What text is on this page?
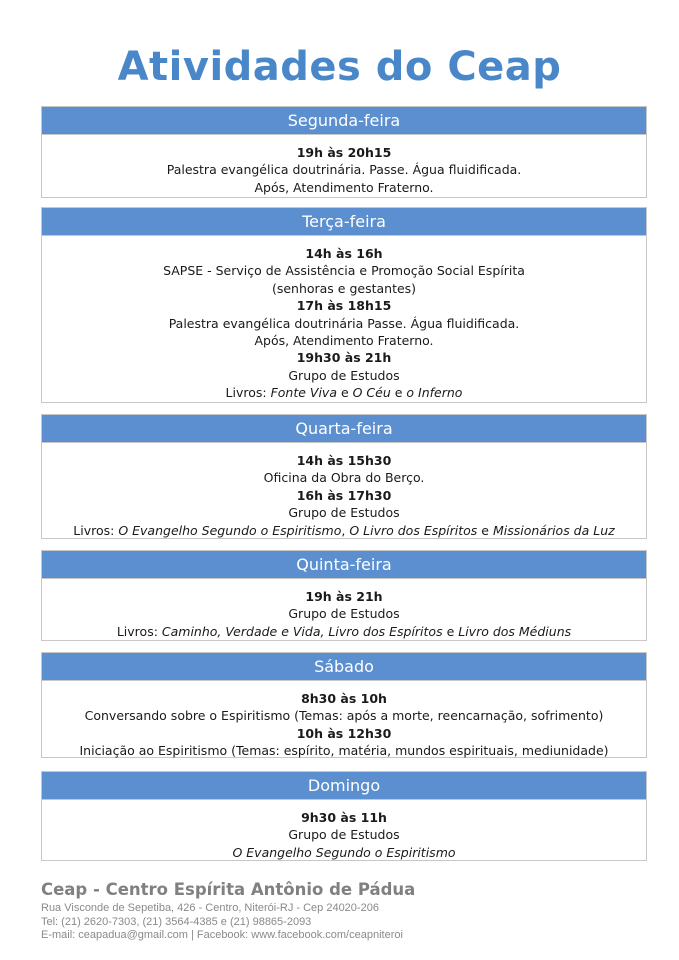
Atividades do Ceap
Segunda-feira
19h às 20h15
Palestra evangélica doutrinária. Passe. Água fluidificada.
Após, Atendimento Fraterno.
Terça-feira
14h às 16h
SAPSE - Serviço de Assistência e Promoção Social Espírita
(senhoras e gestantes)
17h às 18h15
Palestra evangélica doutrinária Passe. Água fluidificada.
Após, Atendimento Fraterno.
19h30 às 21h
Grupo de Estudos
Livros: Fonte Viva e O Céu e o Inferno
Quarta-feira
14h às 15h30
Oficina da Obra do Berço.
16h às 17h30
Grupo de Estudos
Livros: O Evangelho Segundo o Espiritismo, O Livro dos Espíritos e Missionários da Luz
Quinta-feira
19h às 21h
Grupo de Estudos
Livros: Caminho, Verdade e Vida, Livro dos Espíritos e Livro dos Médiuns
Sábado
8h30 às 10h
Conversando sobre o Espiritismo (Temas: após a morte, reencarnação, sofrimento)
10h às 12h30
Iniciação ao Espiritismo (Temas: espírito, matéria, mundos espirituais, mediunidade)
Domingo
9h30 às 11h
Grupo de Estudos
O Evangelho Segundo o Espiritismo
Ceap - Centro Espírita Antônio de Pádua
Rua Visconde de Sepetiba, 426 - Centro, Niterói-RJ - Cep 24020-206
Tel: (21) 2620-7303, (21) 3564-4385 e (21) 98865-2093
E-mail: ceapadua@gmail.com | Facebook: www.facebook.com/ceapniteroi
